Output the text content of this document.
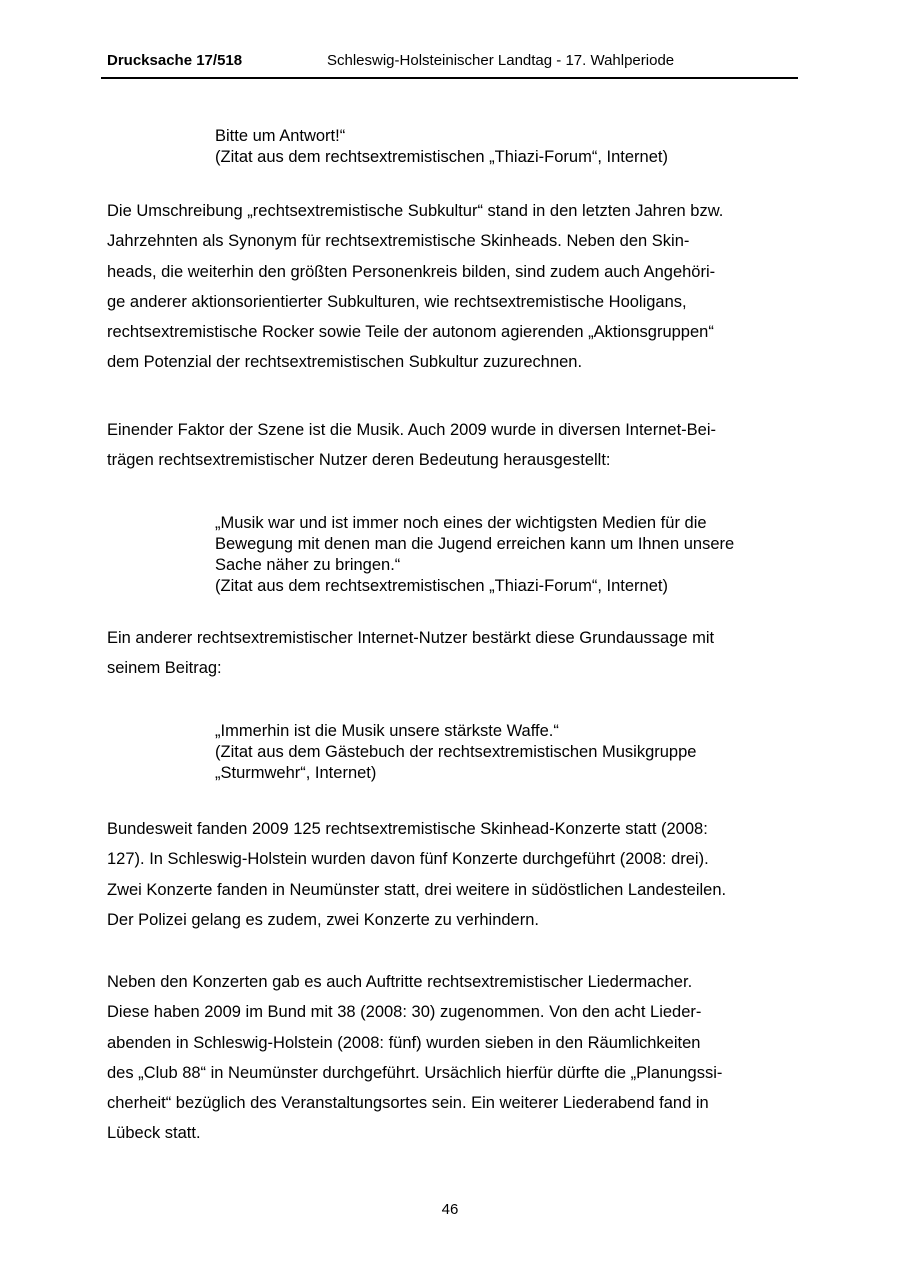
Drucksache 17/518	Schleswig-Holsteinischer Landtag - 17. Wahlperiode

Bitte um Antwort!“
(Zitat aus dem rechtsextremistischen „Thiazi-Forum“, Internet)

Die Umschreibung „rechtsextremistische Subkultur“ stand in den letzten Jahren bzw.
Jahrzehnten als Synonym für rechtsextremistische Skinheads. Neben den Skin-
heads, die weiterhin den größten Personenkreis bilden, sind zudem auch Angehöri-
ge anderer aktionsorientierter Subkulturen, wie rechtsextremistische Hooligans,
rechtsextremistische Rocker sowie Teile der autonom agierenden „Aktionsgruppen“
dem Potenzial der rechtsextremistischen Subkultur zuzurechnen.

Einender Faktor der Szene ist die Musik. Auch 2009 wurde in diversen Internet-Bei-
trägen rechtsextremistischer Nutzer deren Bedeutung herausgestellt:

„Musik war und ist immer noch eines der wichtigsten Medien für die
Bewegung mit denen man die Jugend erreichen kann um Ihnen unsere
Sache näher zu bringen.“
(Zitat aus dem rechtsextremistischen „Thiazi-Forum“, Internet)

Ein anderer rechtsextremistischer Internet-Nutzer bestärkt diese Grundaussage mit
seinem Beitrag:

„Immerhin ist die Musik unsere stärkste Waffe.“
(Zitat aus dem Gästebuch der rechtsextremistischen Musikgruppe
„Sturmwehr“, Internet)

Bundesweit fanden 2009 125 rechtsextremistische Skinhead-Konzerte statt (2008:
127). In Schleswig-Holstein wurden davon fünf Konzerte durchgeführt (2008: drei).
Zwei Konzerte fanden in Neumünster statt, drei weitere in südöstlichen Landesteilen.
Der Polizei gelang es zudem, zwei Konzerte zu verhindern.

Neben den Konzerten gab es auch Auftritte rechtsextremistischer Liedermacher.
Diese haben 2009 im Bund mit 38 (2008: 30) zugenommen. Von den acht Lieder-
abenden in Schleswig-Holstein (2008: fünf) wurden sieben in den Räumlichkeiten
des „Club 88“ in Neumünster durchgeführt. Ursächlich hierfür dürfte die „Planungssi-
cherheit“ bezüglich des Veranstaltungsortes sein. Ein weiterer Liederabend fand in
Lübeck statt.

46
